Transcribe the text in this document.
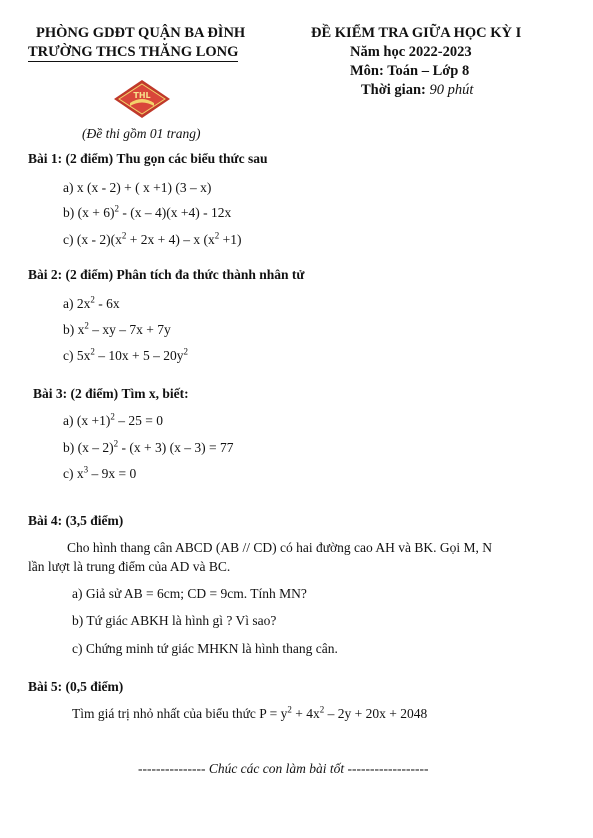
PHÒNG GDĐT QUẬN BA ĐÌNH
TRƯỜNG THCS THĂNG LONG
THL
ĐỀ KIỂM TRA GIỮA HỌC KỲ I
Năm học 2022-2023
Môn: Toán – Lớp 8
Thời gian: 90 phút
(Đề thi gồm 01 trang)
Bài 1: (2 điểm) Thu gọn các biểu thức sau
a) x (x - 2) + ( x +1) (3 – x)
b) $(x + 6)^2 - (x - 4)(x +4) - 12x$
c) $(x - 2)(x^2 + 2x + 4) - x$ $(x^2 +1)$
Bài 2: (2 điểm) Phân tích đa thức thành nhân tử
a) $2x^2 - 6x$
b) $x^2$ – xy – 7x + 7y
c) $5x^2 - 10x + 5 - 20y^2$
Bài 3: (2 điểm) Tìm x, biết:
a) $(x +1)^2 - 25 = 0$
b) (x – 2)$^2$ - (x + 3) (x – 3) = 77
c) $x^3 - 9x = 0$
Bài 4: (3,5 điểm)
Cho hình thang cân ABCD (AB // CD) có hai đường cao AH và BK. Gọi M, N
lần lượt là trung điểm của AD và BC.
a) Giả sử AB = 6cm; CD = 9cm. Tính MN?
b) Tứ giác ABKH là hình gì ? Vì sao?
c) Chứng minh tứ giác MHKN là hình thang cân.
Bài 5: (0,5 điểm)
Tìm giá trị nhỏ nhất của biểu thức $P = y^2 + 4x^2 - 2y + 20x + 2048$
--------------- Chúc các con làm bài tốt ------------------
